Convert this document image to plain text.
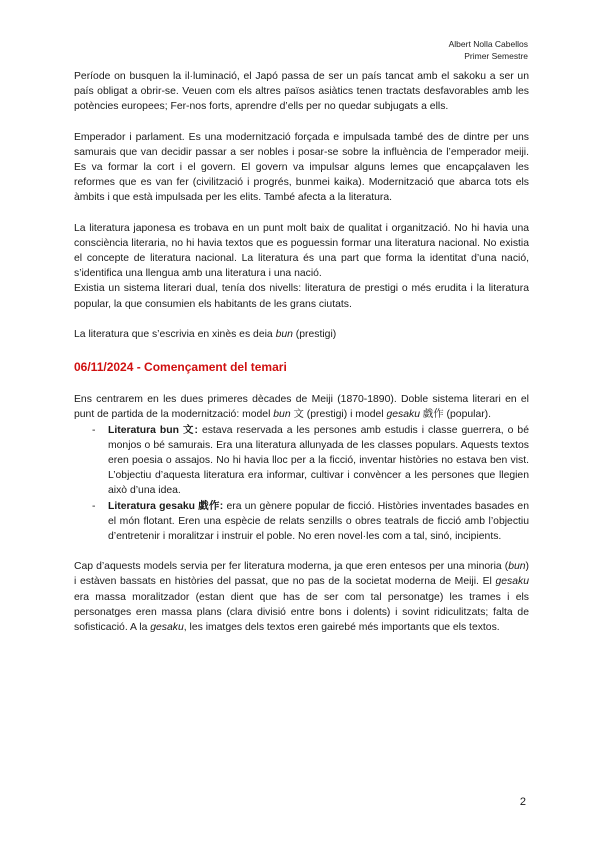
Albert Nolla Cabellos
Primer Semestre

Període on busquen la il·luminació, el Japó passa de ser un país tancat amb el sakoku a ser un país obligat a obrir-se. Veuen com els altres països asiàtics tenen tractats desfavorables amb les potències europees; Fer-nos forts, aprendre d’ells per no quedar subjugats a ells.

Emperador i parlament. Es una modernització forçada e impulsada també des de dintre per uns samurais que van decidir passar a ser nobles i posar-se sobre la influència de l’emperador meiji. Es va formar la cort i el govern. El govern va impulsar alguns lemes que encapçalaven les reformes que es van fer (civilització i progrés, bunmei kaika). Modernització que abarca tots els àmbits i que està impulsada per les elits. També afecta a la literatura.

La literatura japonesa es trobava en un punt molt baix de qualitat i organització. No hi havia una consciència literaria, no hi havia textos que es poguessin formar una literatura nacional. No existia el concepte de literatura nacional. La literatura és una part que forma la identitat d’una nació, s’identifica una llengua amb una literatura i una nació.

Existia un sistema literari dual, tenía dos nivells: literatura de prestigi o més erudita i la literatura popular, la que consumien els habitants de les grans ciutats.

La literatura que s’escrivia en xinès es deia bun (prestigi)

06/11/2024 - Començament del temari

Ens centrarem en les dues primeres dècades de Meiji (1870-1890). Doble sistema literari en el punt de partida de la modernització: model bun 文 (prestigi) i model gesaku 戯作 (popular).

- Literatura bun 文: estava reservada a les persones amb estudis i classe guerrera, o bé monjos o bé samurais. Era una literatura allunyada de les classes populars. Aquests textos eren poesia o assajos. No hi havia lloc per a la ficció, inventar històries no estava ben vist. L’objectiu d’aquesta literatura era informar, cultivar i convèncer a les persones que llegien això d’una idea.
- Literatura gesaku 戯作: era un gènere popular de ficció. Històries inventades basades en el món flotant. Eren una espècie de relats senzills o obres teatrals de ficció amb l’objectiu d’entretenir i moralitzar i instruir el poble. No eren novel·les com a tal, sinó, incipients.

Cap d’aquests models servia per fer literatura moderna, ja que eren entesos per una minoria (bun) i estàven bassats en històries del passat, que no pas de la societat moderna de Meiji. El gesaku era massa moralitzador (estan dient que has de ser com tal personatge) les trames i els personatges eren massa plans (clara divisió entre bons i dolents) i sovint ridiculitzats; falta de sofisticació. A la gesaku, les imatges dels textos eren gairebé més importants que els textos.

2
